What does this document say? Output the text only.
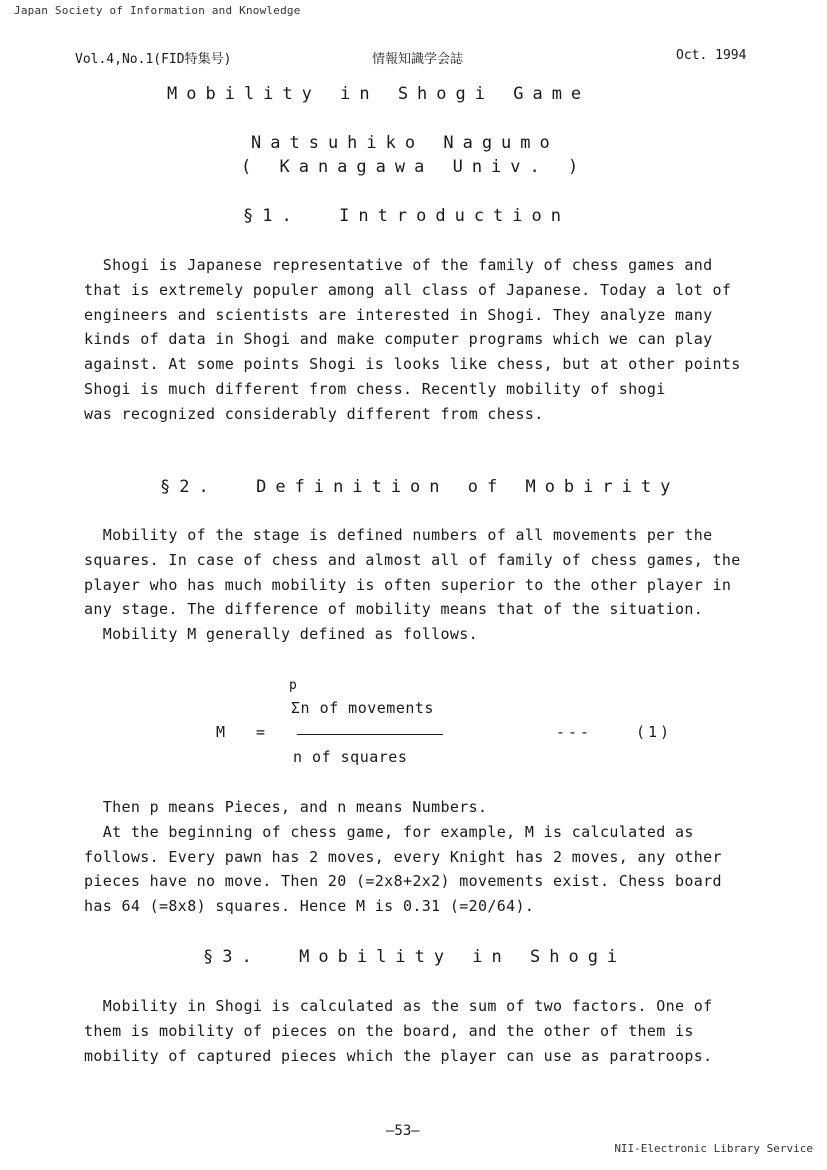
Japan Society of Information and Knowledge
Vol.4,No.1(FID特集号)	情報知識学会誌	Oct. 1994
Mobility in Shogi Game
Natsuhiko Nagumo
( Kanagawa Univ. )
§1.  Introduction
Shogi is Japanese representative of the family of chess games and
that is extremely populer among all class of Japanese. Today a lot of
engineers and scientists are interested in Shogi. They analyze many
kinds of data in Shogi and make computer programs which we can play
against. At some points Shogi is looks like chess, but at other points
Shogi is much different from chess. Recently mobility of shogi
was recognized considerably different from chess.
§2.  Definition of Mobirity
Mobility of the stage is defined numbers of all movements per the
squares. In case of chess and almost all of family of chess games, the
player who has much mobility is often superior to the other player in
any stage. The difference of mobility means that of the situation.
Mobility M generally defined as follows.
p
Σn of movements
M =
n of squares
---	(1)
Then p means Pieces, and n means Numbers.
At the beginning of chess game, for example, M is calculated as
follows. Every pawn has 2 moves, every Knight has 2 moves, any other
pieces have no move. Then 20 (=2x8+2x2) movements exist. Chess board
has 64 (=8x8) squares. Hence M is 0.31 (=20/64).
§3.  Mobility in Shogi
Mobility in Shogi is calculated as the sum of two factors. One of
them is mobility of pieces on the board, and the other of them is
mobility of captured pieces which the player can use as paratroops.
—53—
NII-Electronic Library Service
